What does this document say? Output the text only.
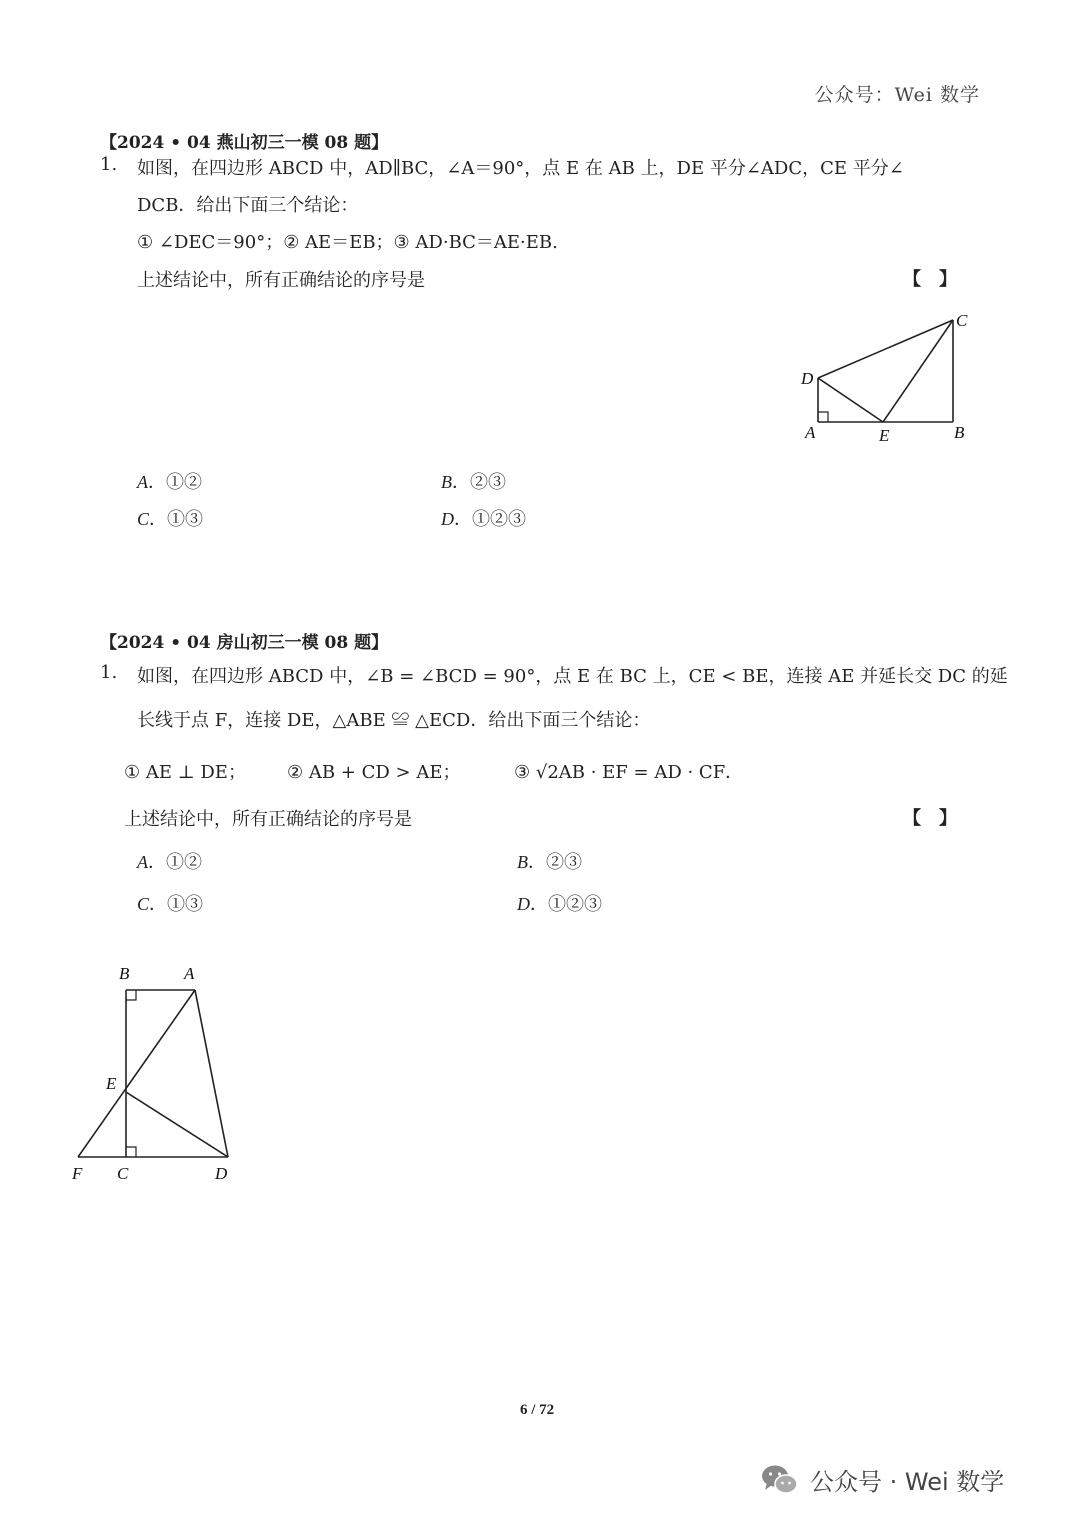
公众号：Wei 数学
【2024 • 04 燕山初三一模 08 题】
1. 如图，在四边形 ABCD 中，AD∥BC，∠A＝90°，点 E 在 AB 上，DE 平分∠ADC，CE 平分∠
DCB．给出下面三个结论：
① ∠DEC＝90°；② AE＝EB；③ AD·BC＝AE·EB.
上述结论中，所有正确结论的序号是	【　】
C
D
A	E	B
A．①②	B．②③
C．①③	D．①②③
【2024 • 04 房山初三一模 08 题】
1. 如图，在四边形 ABCD 中，∠B = ∠BCD = 90°，点 E 在 BC 上，CE < BE，连接 AE 并延长交 DC 的延
长线于点 F，连接 DE，△ABE ≌ △ECD．给出下面三个结论：
① AE ⊥ DE； ② AB + CD > AE；	③ √2AB · EF = AD · CF．
上述结论中，所有正确结论的序号是	【　】
A．①②	B．②③
C．①③	D．①②③
B	A
E
F C	D
6 / 72
公众号 · Wei 数学
